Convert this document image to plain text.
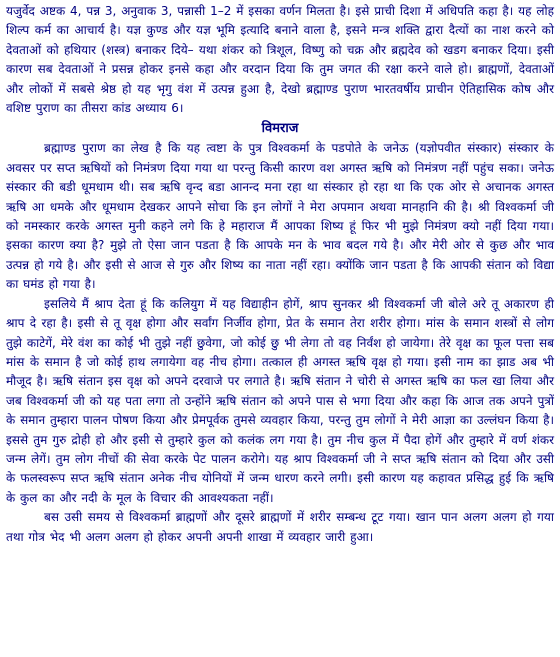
यजुर्वेद अष्टक 4, पन्न 3, अनुवाक 3, पन्नासी 1–2 में इसका वर्णन मिलता है। इसे प्राची दिशा में अधिपति कहा है। यह लोह शिल्प कर्म का आचार्य है। यज्ञ कुण्ड और यज्ञ भूमि इत्यादि बनाने वाला है, इसने मन्त्र शक्ति द्वारा दैत्यों का नाश करने को देवताओं को हथियार (शस्त्र) बनाकर दिये– यथा शंकर को त्रिशूल, विष्णु को चक्र और ब्रह्मदेव को खडग बनाकर दिया। इसी कारण सब देवताओं ने प्रसन्न होकर इनसे कहा और वरदान दिया कि तुम जगत की रक्षा करने वाले हो। ब्राह्मणों, देवताओं और लोकों में सबसे श्रेष्ठ हो यह भृगु वंश में उत्पन्न हुआ है, देखो ब्रह्माण्ड पुराण भारतवर्षीय प्राचीन ऐतिहासिक कोष और वशिष्ट पुराण का तीसरा कांड अध्याय 6।

विमराज

ब्रह्माण्ड पुराण का लेख है कि यह त्वष्टा के पुत्र विश्वकर्मा के पडपोते के जनेऊ (यज्ञोपवीत संस्कार) संस्कार के अवसर पर सप्त ऋषियों को निमंत्रण दिया गया था परन्तु किसी कारण वश अगस्त ऋषि को निमंत्रण नहीं पहुंच सका। जनेऊ संस्कार की बडी धूमधाम थी। सब ऋषि वृन्द बडा आनन्द मना रहा था संस्कार हो रहा था कि एक ओर से अचानक अगस्त ऋषि आ धमके और धूमधाम देखकर आपने सोचा कि इन लोगों ने मेरा अपमान अथवा मानहानि की है। श्री विश्वकर्मा जी को नमस्कार करके अगस्त मुनी कहने लगे कि हे महाराज मैं आपका शिष्य हूं फिर भी मुझे निमंत्रण क्यो नहीं दिया गया। इसका कारण क्या है? मुझे तो ऐसा जान पडता है कि आपके मन के भाव बदल गये है। और मेरी ओर से कुछ और भाव उत्पन्न हो गये है। और इसी से आज से गुरु और शिष्य का नाता नहीं रहा। क्योंकि जान पडता है कि आपकी संतान को विद्या का घमंड हो गया है।

इसलिये मैं श्राप देता हूं कि कलियुग में यह विद्याहीन होगें, श्राप सुनकर श्री विश्वकर्मा जी बोले अरे तू अकारण ही श्राप दे रहा है। इसी से तू वृक्ष होगा और सर्वांग निर्जीव होगा, प्रेत के समान तेरा शरीर होगा। मांस के समान शस्त्रों से लोग तुझे काटेगें, मेरे वंश का कोई भी तुझे नहीं छुवेगा, जो कोई छु भी लेगा तो वह निर्वंश हो जायेगा। तेरे वृक्ष का फूल पत्ता सब मांस के समान है जो कोई हाथ लगायेगा वह नीच होगा। तत्काल ही अगस्त ऋषि वृक्ष हो गया। इसी नाम का झाड अब भी मौजूद है। ऋषि संतान इस वृक्ष को अपने दरवाजे पर लगाते है। ऋषि संतान ने चोरी से अगस्त ऋषि का फल खा लिया और जब विश्वकर्मा जी को यह पता लगा तो उन्होंने ऋषि संतान को अपने पास से भगा दिया और कहा कि आज तक अपने पुत्रों के समान तुम्हारा पालन पोषण किया और प्रेमपूर्वक तुमसे व्यवहार किया, परन्तु तुम लोगों ने मेरी आज्ञा का उल्लंघन किया है। इससे तुम गुरु द्रोही हो और इसी से तुम्हारे कुल को कलंक लग गया है। तुम नीच कुल में पैदा होगें और तुम्हारे में वर्ण शंकर जन्म लेगें। तुम लोग नीचों की सेवा करके पेट पालन करोगे। यह श्राप विश्वकर्मा जी ने सप्त ऋषि संतान को दिया और उसी के फलस्वरूप सप्त ऋषि संतान अनेक नीच योनियों में जन्म धारण करने लगी। इसी कारण यह कहावत प्रसिद्ध हुई कि ऋषि के कुल का और नदी के मूल के विचार की आवश्यकता नहीं।

बस उसी समय से विश्वकर्मा ब्राह्मणों और दूसरे ब्राह्मणों में शरीर सम्बन्ध टूट गया। खान पान अलग अलग हो गया तथा गोत्र भेद भी अलग अलग हो होकर अपनी अपनी शाखा में व्यवहार जारी हुआ।
